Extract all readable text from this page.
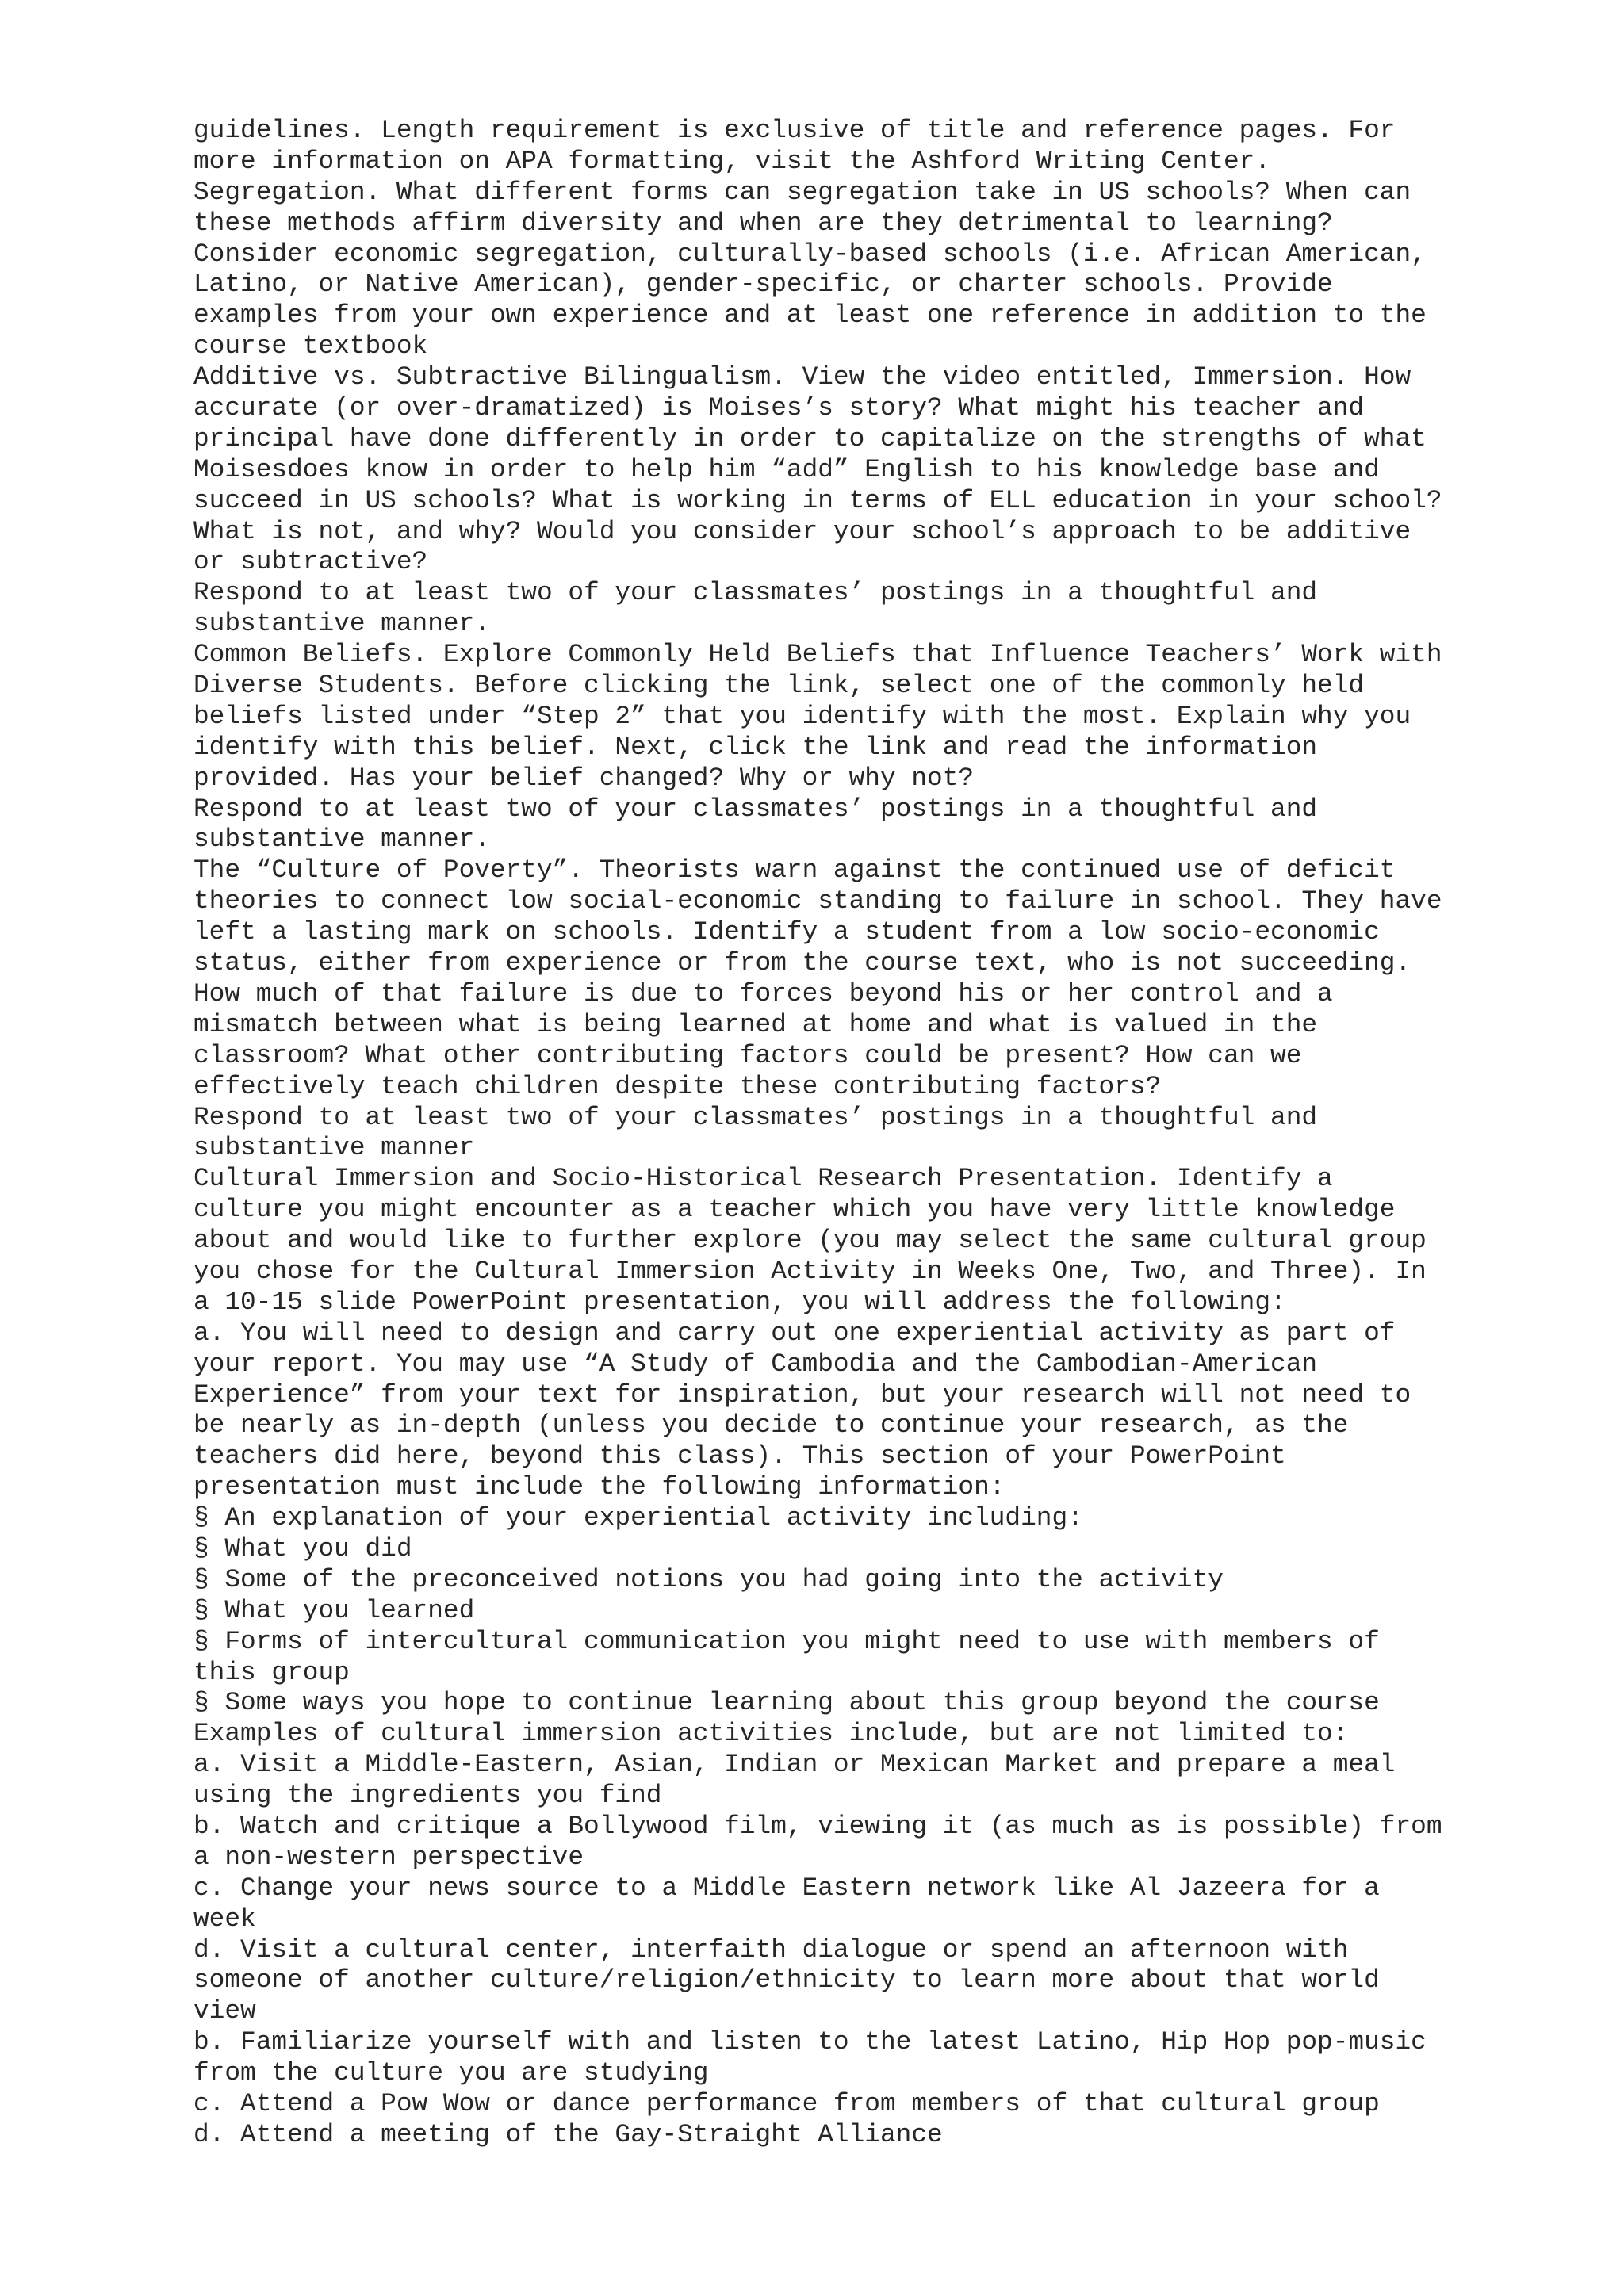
guidelines. Length requirement is exclusive of title and reference pages. For
more information on APA formatting, visit the Ashford Writing Center.
Segregation. What different forms can segregation take in US schools? When can
these methods affirm diversity and when are they detrimental to learning?
Consider economic segregation, culturally-based schools (i.e. African American,
Latino, or Native American), gender-specific, or charter schools. Provide
examples from your own experience and at least one reference in addition to the
course textbook
Additive vs. Subtractive Bilingualism. View the video entitled, Immersion. How
accurate (or over-dramatized) is Moises’s story? What might his teacher and
principal have done differently in order to capitalize on the strengths of what
Moisesdoes know in order to help him “add” English to his knowledge base and
succeed in US schools? What is working in terms of ELL education in your school?
What is not, and why? Would you consider your school’s approach to be additive
or subtractive?
Respond to at least two of your classmates’ postings in a thoughtful and
substantive manner.
Common Beliefs. Explore Commonly Held Beliefs that Influence Teachers’ Work with
Diverse Students. Before clicking the link, select one of the commonly held
beliefs listed under “Step 2” that you identify with the most. Explain why you
identify with this belief. Next, click the link and read the information
provided. Has your belief changed? Why or why not?
Respond to at least two of your classmates’ postings in a thoughtful and
substantive manner.
The “Culture of Poverty”. Theorists warn against the continued use of deficit
theories to connect low social-economic standing to failure in school. They have
left a lasting mark on schools. Identify a student from a low socio-economic
status, either from experience or from the course text, who is not succeeding.
How much of that failure is due to forces beyond his or her control and a
mismatch between what is being learned at home and what is valued in the
classroom? What other contributing factors could be present? How can we
effectively teach children despite these contributing factors?
Respond to at least two of your classmates’ postings in a thoughtful and
substantive manner
Cultural Immersion and Socio-Historical Research Presentation. Identify a
culture you might encounter as a teacher which you have very little knowledge
about and would like to further explore (you may select the same cultural group
you chose for the Cultural Immersion Activity in Weeks One, Two, and Three). In
a 10-15 slide PowerPoint presentation, you will address the following:
a. You will need to design and carry out one experiential activity as part of
your report. You may use “A Study of Cambodia and the Cambodian-American
Experience” from your text for inspiration, but your research will not need to
be nearly as in-depth (unless you decide to continue your research, as the
teachers did here, beyond this class). This section of your PowerPoint
presentation must include the following information:
§ An explanation of your experiential activity including:
§ What you did
§ Some of the preconceived notions you had going into the activity
§ What you learned
§ Forms of intercultural communication you might need to use with members of
this group
§ Some ways you hope to continue learning about this group beyond the course
Examples of cultural immersion activities include, but are not limited to:
a. Visit a Middle-Eastern, Asian, Indian or Mexican Market and prepare a meal
using the ingredients you find
b. Watch and critique a Bollywood film, viewing it (as much as is possible) from
a non-western perspective
c. Change your news source to a Middle Eastern network like Al Jazeera for a
week
d. Visit a cultural center, interfaith dialogue or spend an afternoon with
someone of another culture/religion/ethnicity to learn more about that world
view
b. Familiarize yourself with and listen to the latest Latino, Hip Hop pop-music
from the culture you are studying
c. Attend a Pow Wow or dance performance from members of that cultural group
d. Attend a meeting of the Gay-Straight Alliance
